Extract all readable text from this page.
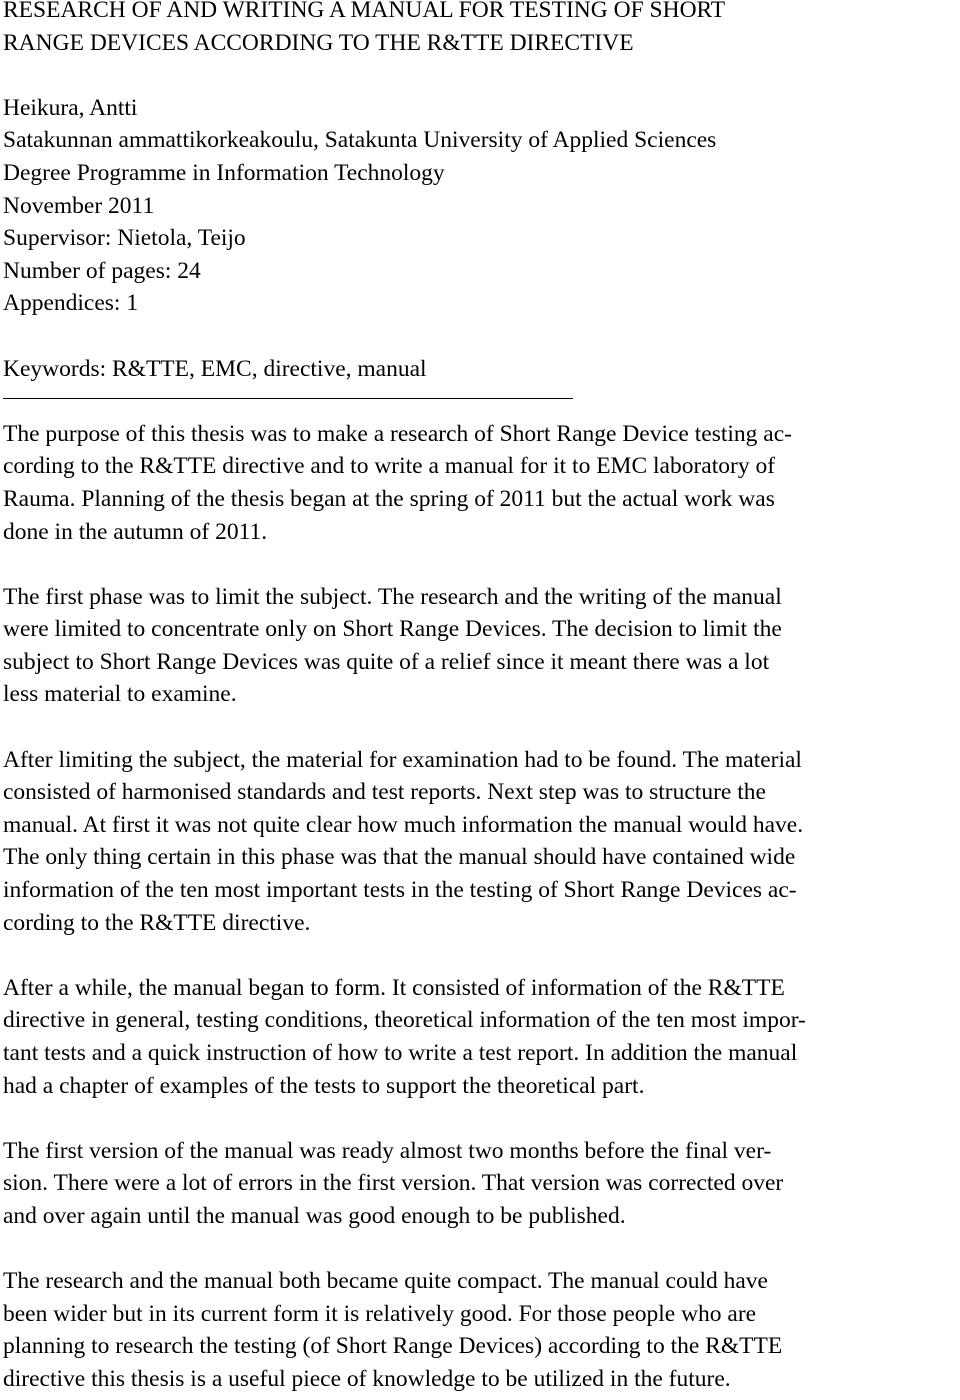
RESEARCH OF AND WRITING A MANUAL FOR TESTING OF SHORT
RANGE DEVICES ACCORDING TO THE R&TTE DIRECTIVE
Heikura, Antti
Satakunnan ammattikorkeakoulu, Satakunta University of Applied Sciences
Degree Programme in Information Technology
November 2011
Supervisor: Nietola, Teijo
Number of pages: 24
Appendices: 1
Keywords: R&TTE, EMC, directive, manual
The purpose of this thesis was to make a research of Short Range Device testing ac-
cording to the R&TTE directive and to write a manual for it to EMC laboratory of
Rauma. Planning of the thesis began at the spring of 2011 but the actual work was
done in the autumn of 2011.
The first phase was to limit the subject. The research and the writing of the manual
were limited to concentrate only on Short Range Devices. The decision to limit the
subject to Short Range Devices was quite of a relief since it meant there was a lot
less material to examine.
After limiting the subject, the material for examination had to be found. The material
consisted of harmonised standards and test reports. Next step was to structure the
manual. At first it was not quite clear how much information the manual would have.
The only thing certain in this phase was that the manual should have contained wide
information of the ten most important tests in the testing of Short Range Devices ac-
cording to the R&TTE directive.
After a while, the manual began to form. It consisted of information of the R&TTE
directive in general, testing conditions, theoretical information of the ten most impor-
tant tests and a quick instruction of how to write a test report. In addition the manual
had a chapter of examples of the tests to support the theoretical part.
The first version of the manual was ready almost two months before the final ver-
sion. There were a lot of errors in the first version. That version was corrected over
and over again until the manual was good enough to be published.
The research and the manual both became quite compact. The manual could have
been wider but in its current form it is relatively good. For those people who are
planning to research the testing (of Short Range Devices) according to the R&TTE
directive this thesis is a useful piece of knowledge to be utilized in the future.
